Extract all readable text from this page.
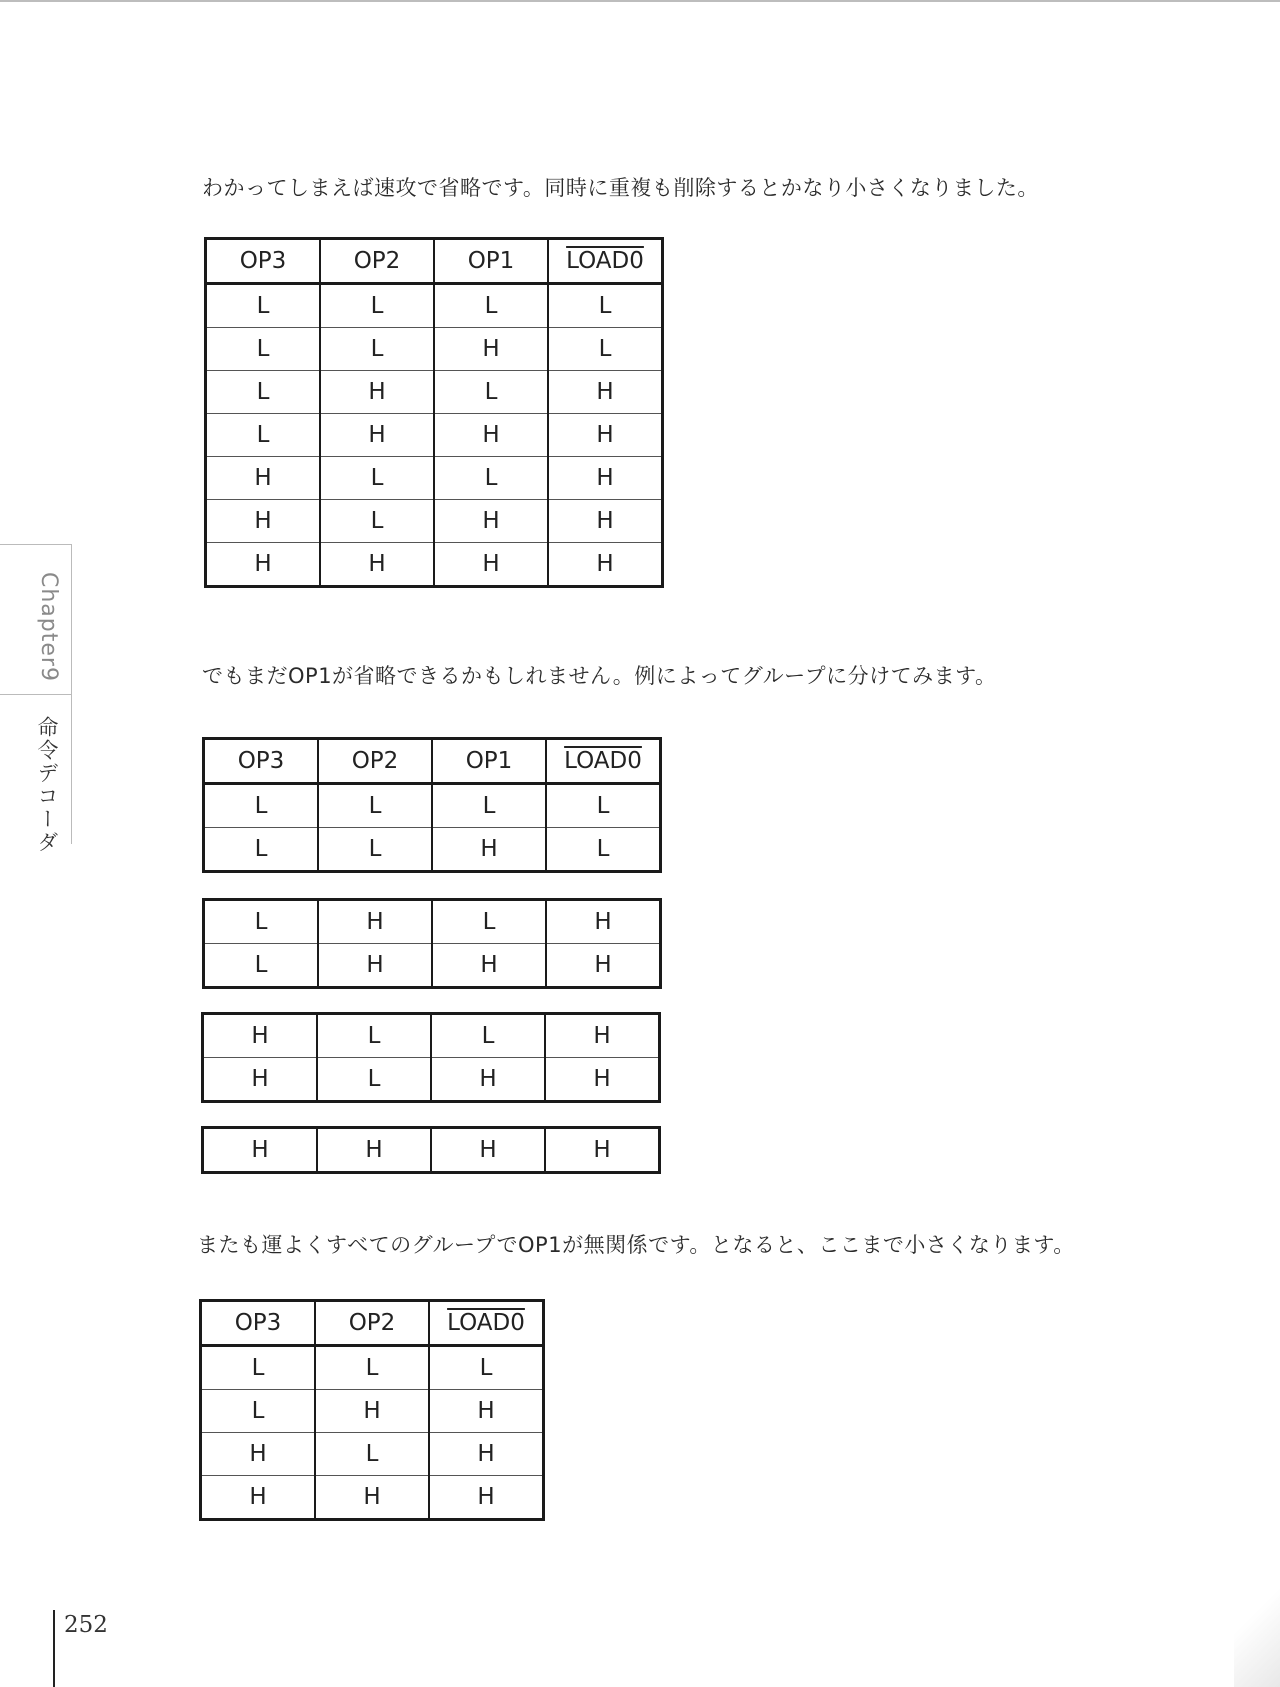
わかってしまえば速攻で省略です。同時に重複も削除するとかなり小さくなりました。
OP3	OP2	OP1	LOAD0
L	L	L	L
L	L	H	L
L	H	L	H
L	H	H	H
H	L	L	H
H	L	H	H
H	H	H	H
でもまだOP1が省略できるかもしれません。例によってグループに分けてみます。
OP3	OP2	OP1	LOAD0
L	L	L	L
L	L	H	L
L	H	L	H
L	H	H	H
H	L	L	H
H	L	H	H
H	H	H	H
またも運よくすべてのグループでOP1が無関係です。となると、ここまで小さくなります。
OP3	OP2	LOAD0
L	L	L
L	H	H
H	L	H
H	H	H
Chapter9
命令デコーダ
252
